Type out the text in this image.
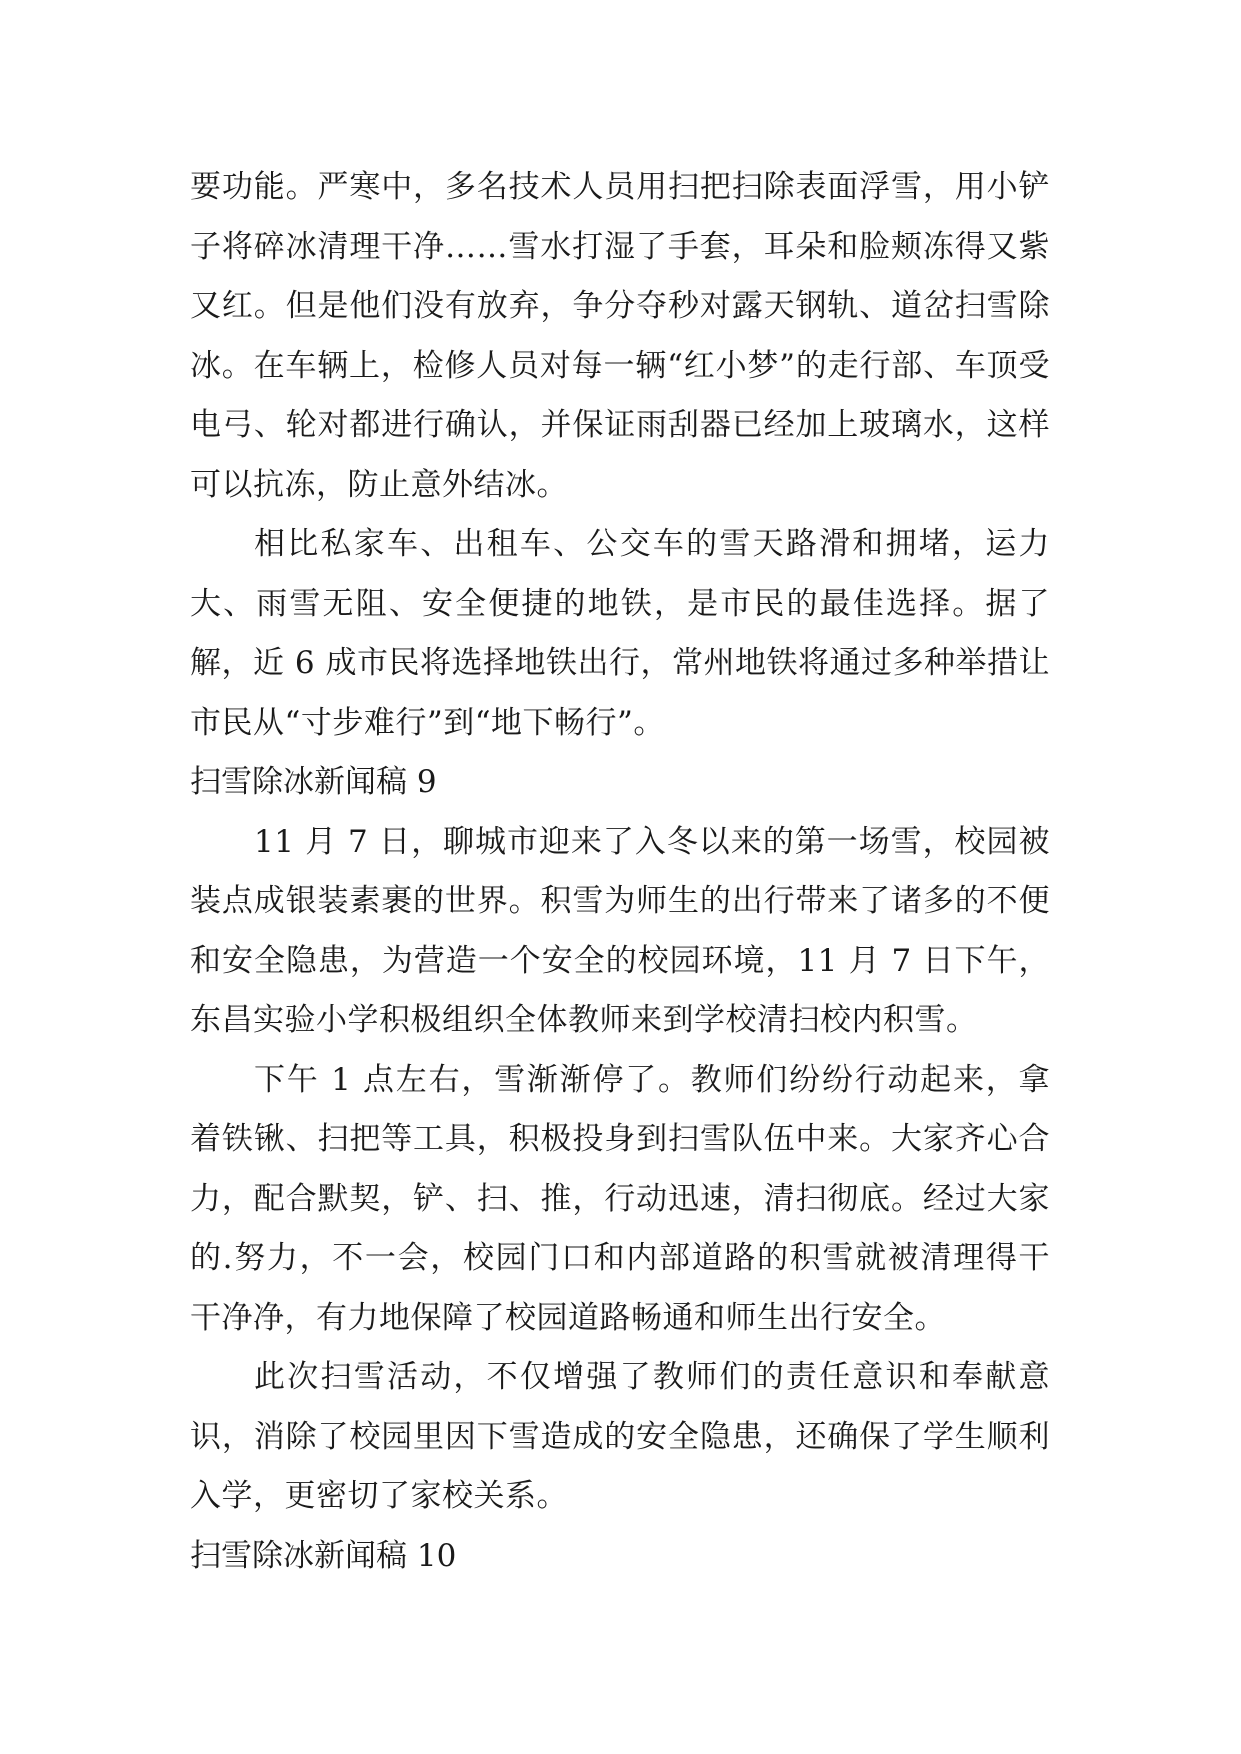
要功能。严寒中，多名技术人员用扫把扫除表面浮雪，用小铲子将碎冰清理干净……雪水打湿了手套，耳朵和脸颊冻得又紫又红。但是他们没有放弃，争分夺秒对露天钢轨、道岔扫雪除冰。在车辆上，检修人员对每一辆“红小梦”的走行部、车顶受电弓、轮对都进行确认，并保证雨刮器已经加上玻璃水，这样可以抗冻，防止意外结冰。

相比私家车、出租车、公交车的雪天路滑和拥堵，运力大、雨雪无阻、安全便捷的地铁，是市民的最佳选择。据了解，近 6 成市民将选择地铁出行，常州地铁将通过多种举措让市民从“寸步难行”到“地下畅行”。

扫雪除冰新闻稿 9

11 月 7 日，聊城市迎来了入冬以来的第一场雪，校园被装点成银装素裹的世界。积雪为师生的出行带来了诸多的不便和安全隐患，为营造一个安全的校园环境，11 月 7 日下午，东昌实验小学积极组织全体教师来到学校清扫校内积雪。

下午 1 点左右，雪渐渐停了。教师们纷纷行动起来，拿着铁锹、扫把等工具，积极投身到扫雪队伍中来。大家齐心合力，配合默契，铲、扫、推，行动迅速，清扫彻底。经过大家的.努力，不一会，校园门口和内部道路的积雪就被清理得干干净净，有力地保障了校园道路畅通和师生出行安全。

此次扫雪活动，不仅增强了教师们的责任意识和奉献意识，消除了校园里因下雪造成的安全隐患，还确保了学生顺利入学，更密切了家校关系。

扫雪除冰新闻稿 10
